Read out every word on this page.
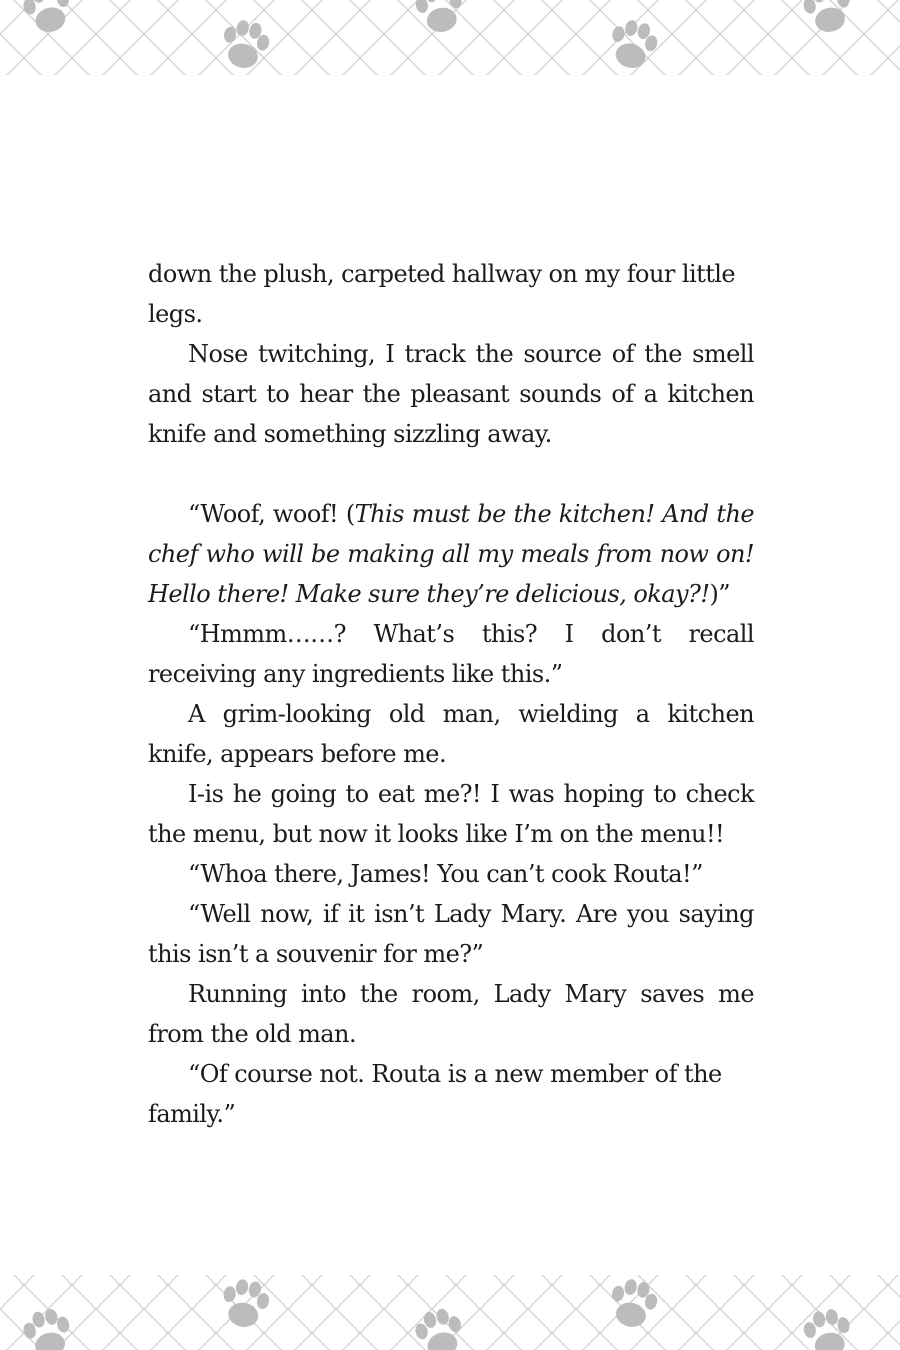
down the plush, carpeted hallway on my four little legs.

Nose twitching, I track the source of the smell and start to hear the pleasant sounds of a kitchen knife and something sizzling away.

“Woof, woof! (This must be the kitchen! And the chef who will be making all my meals from now on! Hello there! Make sure they’re delicious, okay?!)”

“Hmmm……? What’s this? I don’t recall receiving any ingredients like this.”

A grim-looking old man, wielding a kitchen knife, appears before me.

I-is he going to eat me?! I was hoping to check the menu, but now it looks like I’m on the menu!!

“Whoa there, James! You can’t cook Routa!”

“Well now, if it isn’t Lady Mary. Are you saying this isn’t a souvenir for me?”

Running into the room, Lady Mary saves me from the old man.

“Of course not. Routa is a new member of the family.”
